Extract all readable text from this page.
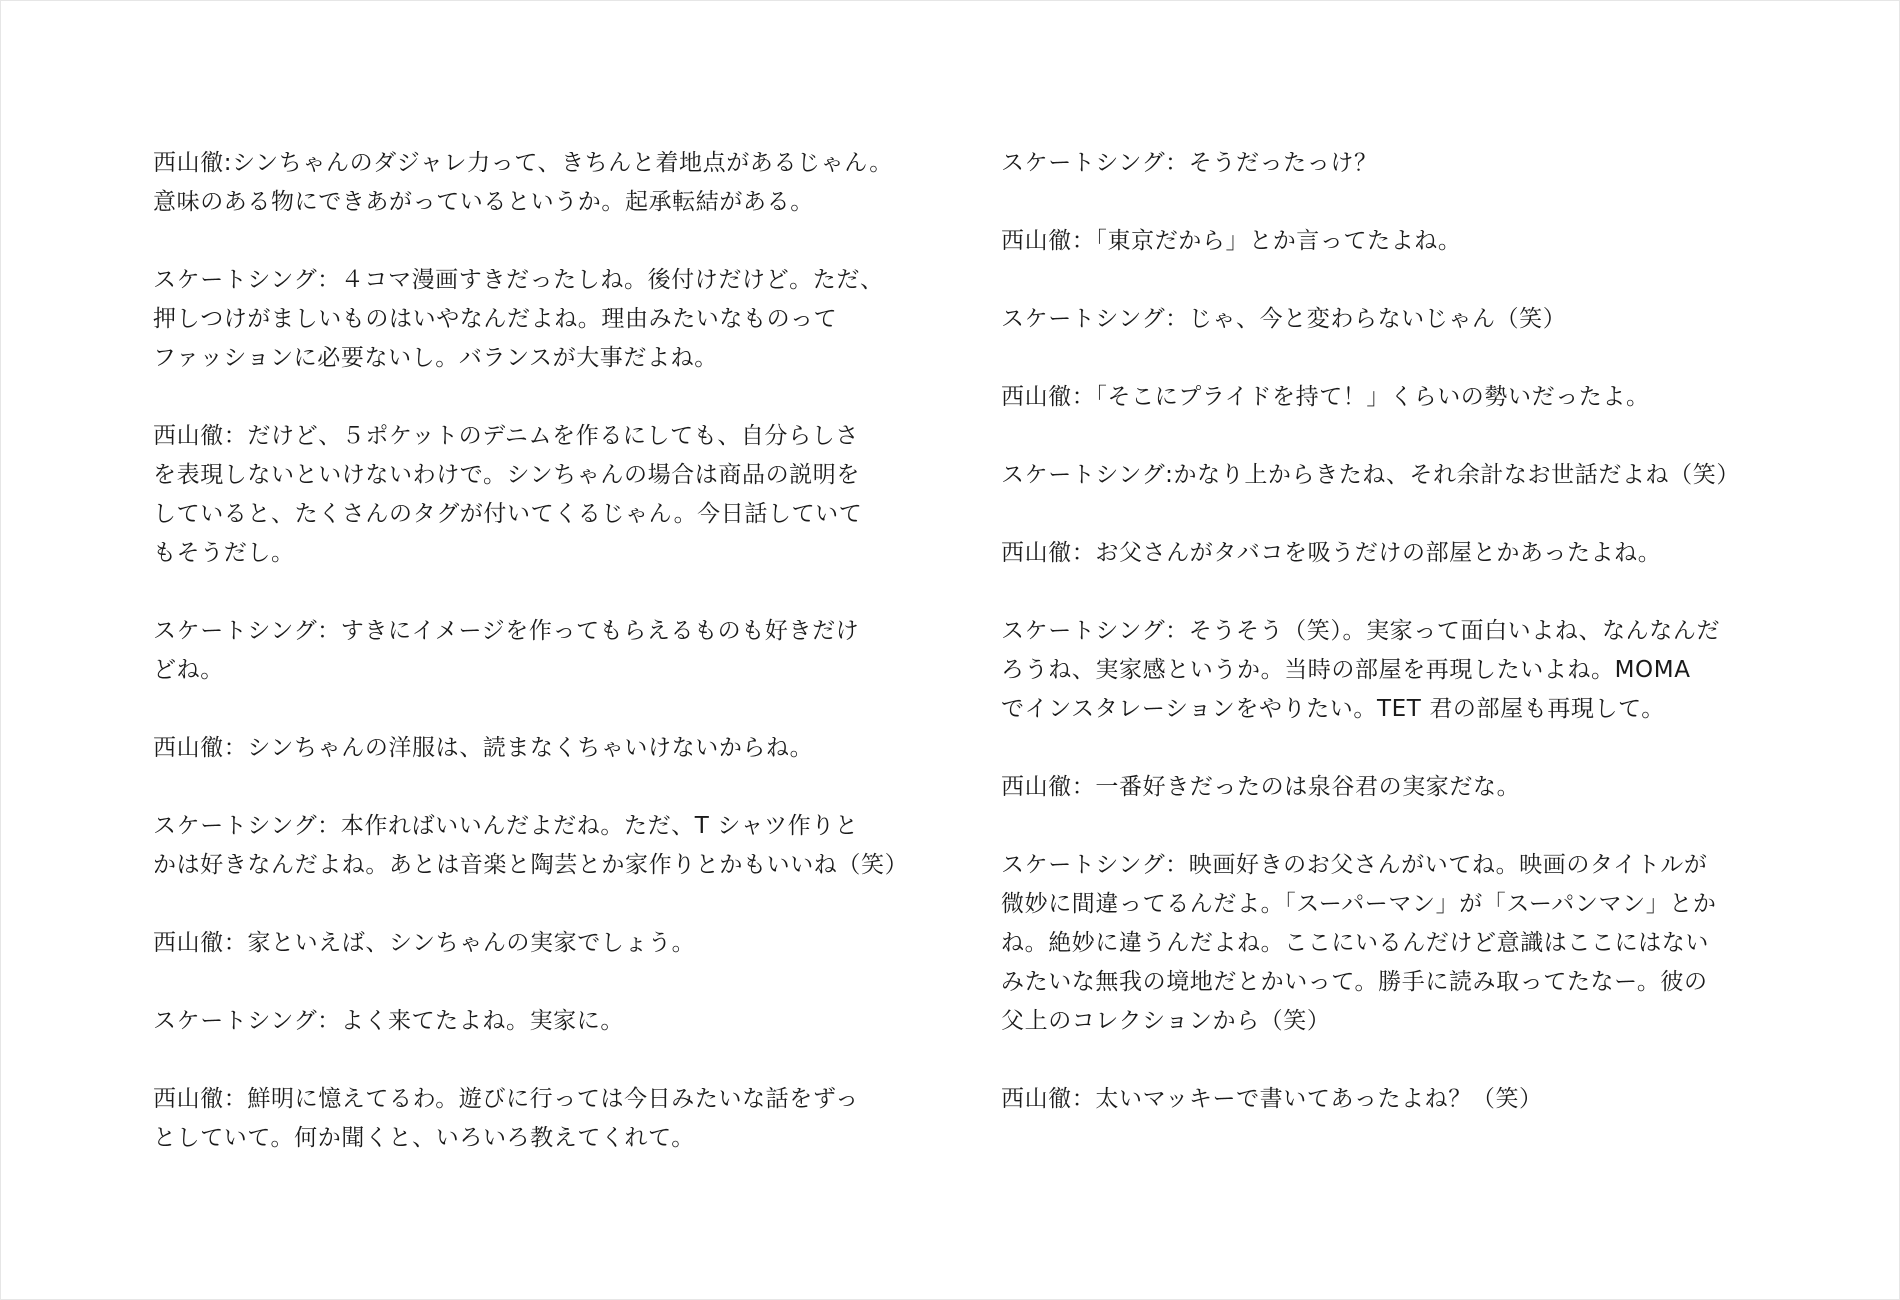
西山徹:シンちゃんのダジャレ力って、きちんと着地点があるじゃん。
意味のある物にできあがっているというか。起承転結がある。

スケートシング：４コマ漫画すきだったしね。後付けだけど。ただ、
押しつけがましいものはいやなんだよね。理由みたいなものって
ファッションに必要ないし。バランスが大事だよね。

西山徹：だけど、５ポケットのデニムを作るにしても、自分らしさ
を表現しないといけないわけで。シンちゃんの場合は商品の説明を
していると、たくさんのタグが付いてくるじゃん。今日話していて
もそうだし。

スケートシング：すきにイメージを作ってもらえるものも好きだけ
どね。

西山徹：シンちゃんの洋服は、読まなくちゃいけないからね。

スケートシング：本作ればいいんだよだね。ただ、T シャツ作りと
かは好きなんだよね。あとは音楽と陶芸とか家作りとかもいいね（笑）

西山徹：家といえば、シンちゃんの実家でしょう。

スケートシング：よく来てたよね。実家に。

西山徹：鮮明に憶えてるわ。遊びに行っては今日みたいな話をずっ
としていて。何か聞くと、いろいろ教えてくれて。

スケートシング：そうだったっけ？

西山徹：「東京だから」とか言ってたよね。

スケートシング：じゃ、今と変わらないじゃん（笑）

西山徹：「そこにプライドを持て！」くらいの勢いだったよ。

スケートシング:かなり上からきたね、それ余計なお世話だよね（笑）

西山徹：お父さんがタバコを吸うだけの部屋とかあったよね。

スケートシング：そうそう（笑）。実家って面白いよね、なんなんだ
ろうね、実家感というか。当時の部屋を再現したいよね。MOMA
でインスタレーションをやりたい。TET 君の部屋も再現して。

西山徹：一番好きだったのは泉谷君の実家だな。

スケートシング：映画好きのお父さんがいてね。映画のタイトルが
微妙に間違ってるんだよ。「スーパーマン」が「スーパンマン」とか
ね。絶妙に違うんだよね。ここにいるんだけど意識はここにはない
みたいな無我の境地だとかいって。勝手に読み取ってたなー。彼の
父上のコレクションから（笑）

西山徹：太いマッキーで書いてあったよね？（笑）
